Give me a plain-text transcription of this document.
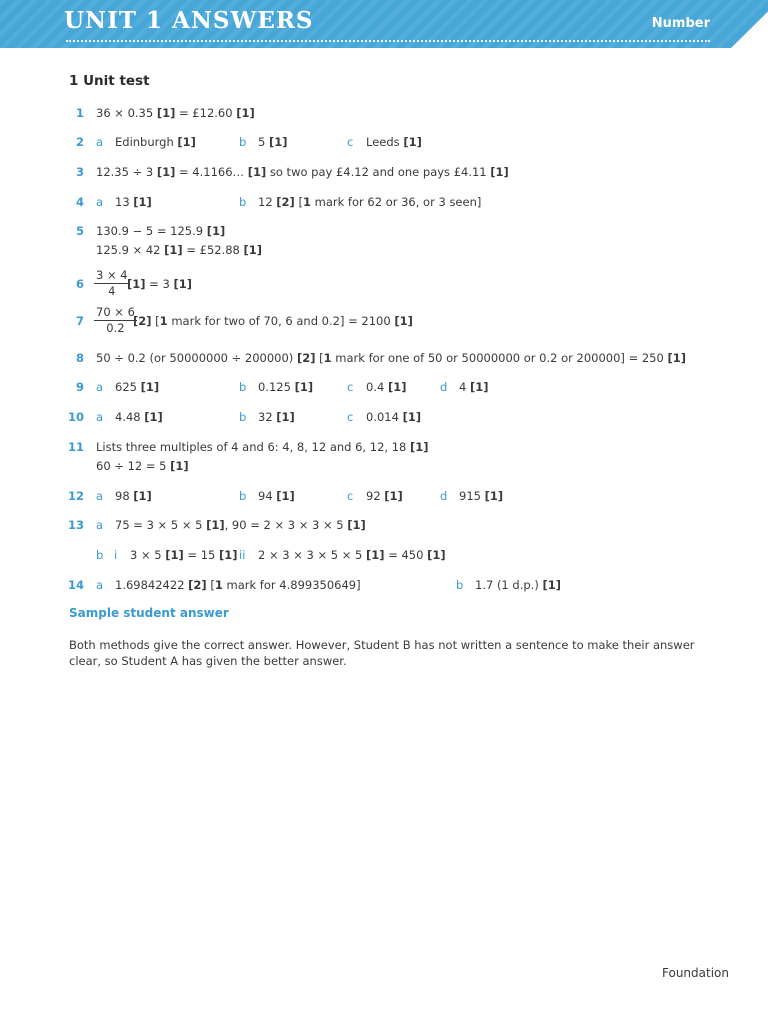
UNIT 1 ANSWERS	Number
1 Unit test
1 36 × 0.35 [1] = £12.60 [1]
2 a Edinburgh [1]	b 5 [1]	c Leeds [1]
3 12.35 ÷ 3 [1] = 4.1166… [1] so two pay £4.12 and one pays £4.11 [1]
4 a 13 [1]	b 12 [2] [1 mark for 62 or 36, or 3 seen]
5 130.9 − 5 = 125.9 [1]
125.9 × 42 [1] = £52.88 [1]
$6 \frac{3 \times 4}{4}$
[1] = 3 [1]
$7 \frac{70 \times 6}{0.2}$
[2] [1 mark for two of 70, 6 and 0.2] = 2100 [1]
8 50 ÷ 0.2 (or 50000000 ÷ 200000) [2] [1 mark for one of 50 or 50000000 or 0.2 or 200000] = 250 [1]
9 a 625 [1]	b 0.125 [1]	c 0.4 [1]	d 4 [1]
10 a 4.48 [1]	b 32 [1]	c 0.014 [1]
11 Lists three multiples of 4 and 6: 4, 8, 12 and 6, 12, 18 [1]
60 ÷ 12 = 5 [1]
12 a 98 [1]	b 94 [1]	c 92 [1]	d 915 [1]
13 a 75 = 3 × 5 × 5 [1], 90 = 2 × 3 × 3 × 5 [1]
b i 3 × 5 [1] = 15 [1] ii 2 × 3 × 3 × 5 × 5 [1] = 450 [1]
14 a 1.69842422 [2] [1 mark for 4.899350649]	b 1.7 (1 d.p.) [1]
Sample student answer
Both methods give the correct answer. However, Student B has not written a sentence to make their answer clear, so Student A has given the better answer.
Foundation
